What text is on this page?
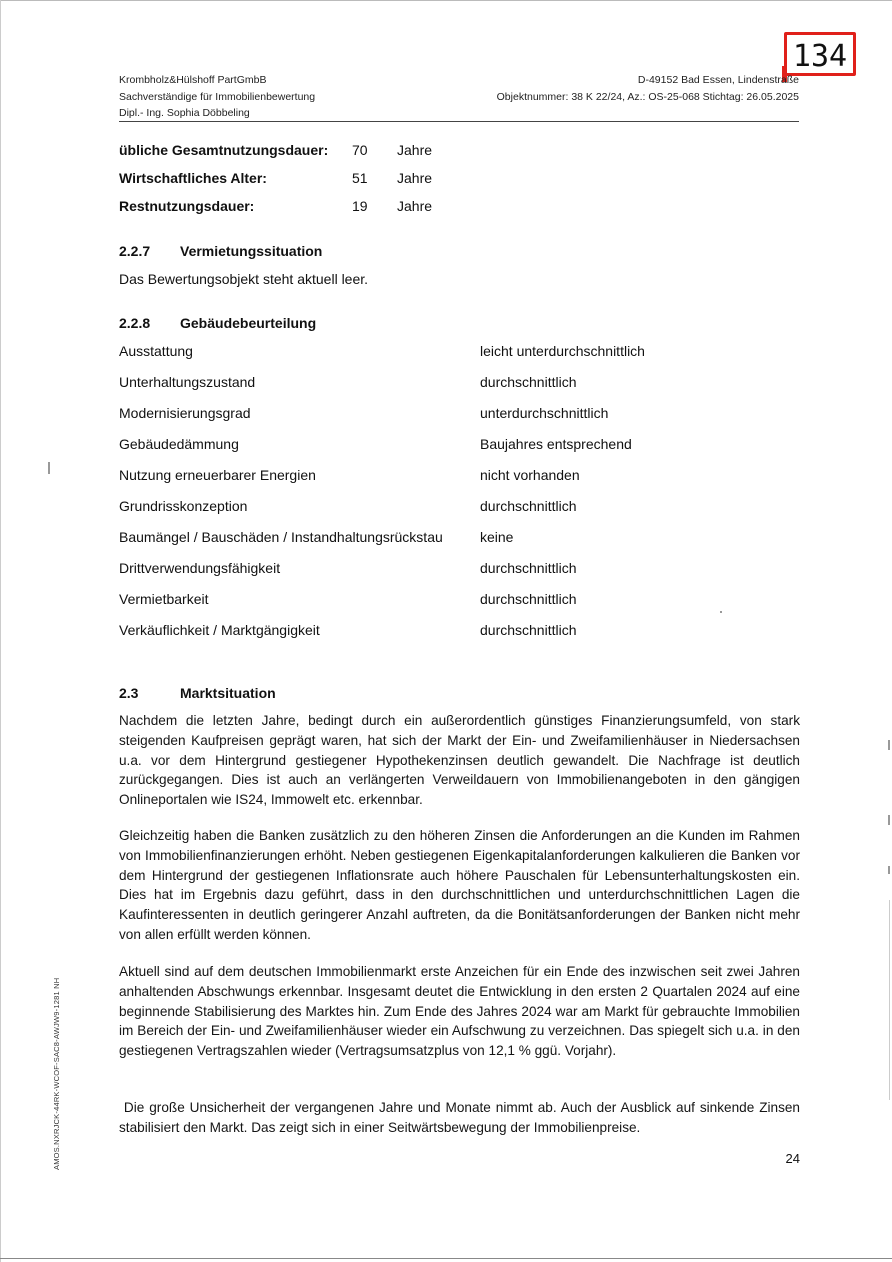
134
Krombholz&Hülshoff PartGmbB
Sachverständige für Immobilienbewertung
Dipl.- Ing. Sophia Döbbeling
D-49152 Bad Essen, Lindenstraße
Objektnummer: 38 K 22/24, Az.: OS-25-068 Stichtag: 26.05.2025
übliche Gesamtnutzungsdauer: 70 Jahre
Wirtschaftliches Alter:	51 Jahre
Restnutzungsdauer:	19 Jahre
2.2.7 Vermietungssituation
Das Bewertungsobjekt steht aktuell leer.
2.2.8 Gebäudebeurteilung
Ausstattung	leicht unterdurchschnittlich
Unterhaltungszustand	durchschnittlich
Modernisierungsgrad	unterdurchschnittlich
Gebäudedämmung	Baujahres entsprechend
Nutzung erneuerbarer Energien	nicht vorhanden
Grundrisskonzeption	durchschnittlich
Baumängel / Bauschäden / Instandhaltungsrückstau	keine
Drittverwendungsfähigkeit	durchschnittlich
Vermietbarkeit	durchschnittlich
Verkäuflichkeit / Marktgängigkeit	durchschnittlich
2.3	Marktsituation
Nachdem die letzten Jahre, bedingt durch ein außerordentlich günstiges Finanzierungsumfeld, von stark steigenden Kaufpreisen geprägt waren, hat sich der Markt der Ein- und Zweifamilienhäuser in Niedersachsen u.a. vor dem Hintergrund gestiegener Hypothekenzinsen deutlich gewandelt. Die Nachfrage ist deutlich zurückgegangen. Dies ist auch an verlängerten Verweildauern von Immobilienangeboten in den gängigen Onlineportalen wie IS24, Immowelt etc. erkennbar.
Gleichzeitig haben die Banken zusätzlich zu den höheren Zinsen die Anforderungen an die Kunden im Rahmen von Immobilienfinanzierungen erhöht. Neben gestiegenen Eigenkapitalanforderungen kalkulieren die Banken vor dem Hintergrund der gestiegenen Inflationsrate auch höhere Pauschalen für Lebensunterhaltungskosten ein. Dies hat im Ergebnis dazu geführt, dass in den durchschnittlichen und unterdurchschnittlichen Lagen die Kaufinteressenten in deutlich geringerer Anzahl auftreten, da die Bonitätsanforderungen der Banken nicht mehr von allen erfüllt werden können.
Aktuell sind auf dem deutschen Immobilienmarkt erste Anzeichen für ein Ende des inzwischen seit zwei Jahren anhaltenden Abschwungs erkennbar. Insgesamt deutet die Entwicklung in den ersten 2 Quartalen 2024 auf eine beginnende Stabilisierung des Marktes hin. Zum Ende des Jahres 2024 war am Markt für gebrauchte Immobilien im Bereich der Ein- und Zweifamilienhäuser wieder ein Aufschwung zu verzeichnen. Das spiegelt sich u.a. in den gestiegenen Vertragszahlen wieder (Vertragsumsatzplus von 12,1 % ggü. Vorjahr).
Die große Unsicherheit der vergangenen Jahre und Monate nimmt ab. Auch der Ausblick auf sinkende Zinsen stabilisiert den Markt. Das zeigt sich in einer Seitwärtsbewegung der Immobilienpreise.
24
AMOS.NXRJCK-44RK-WCOF-SAC8-AWJW9-1281 NH
